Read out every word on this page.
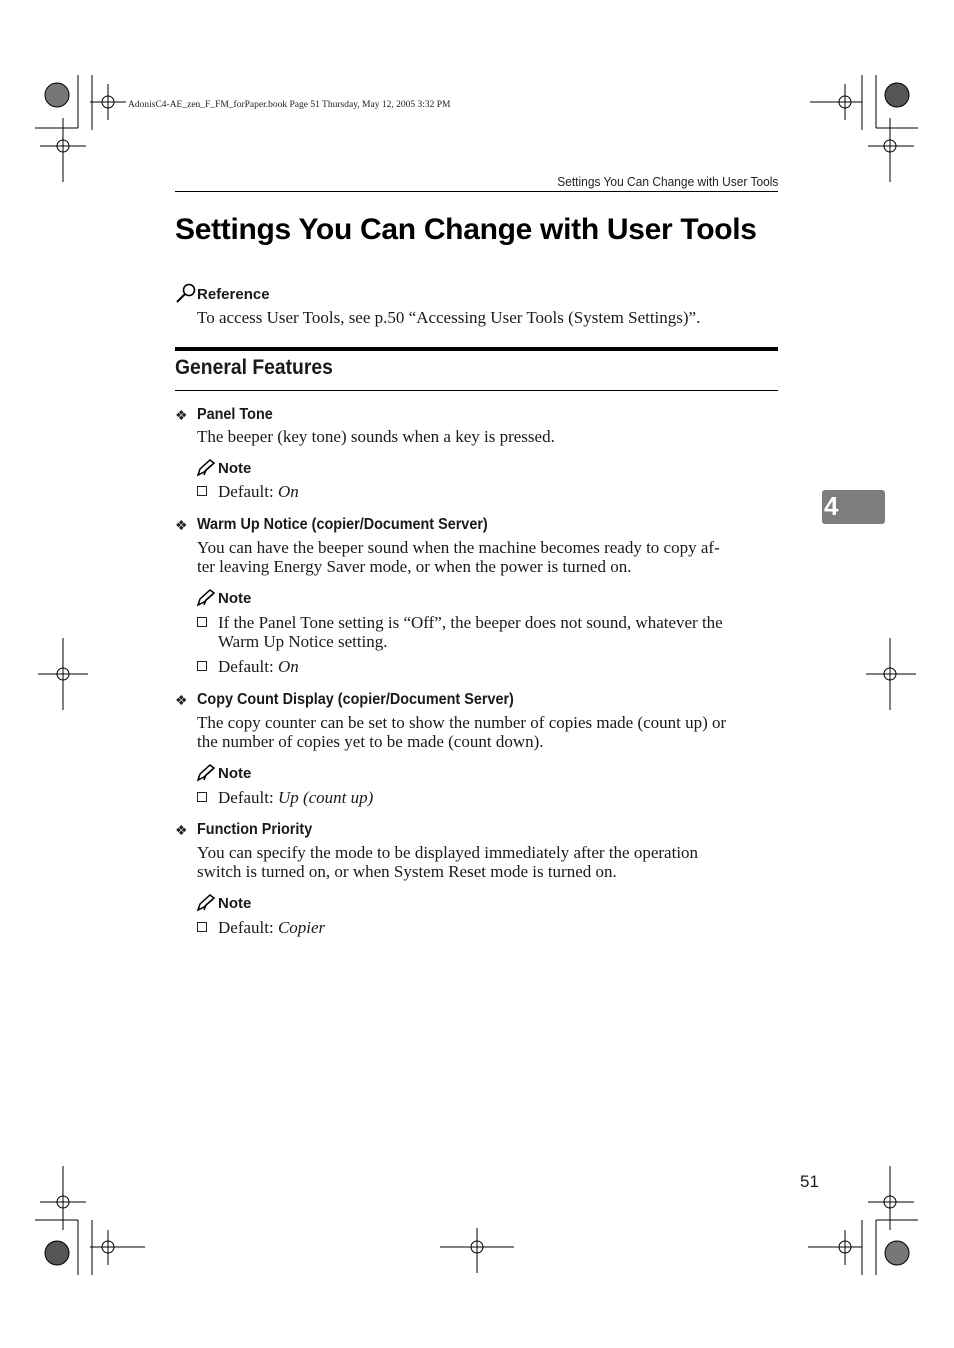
AdonisC4-AE_zen_F_FM_forPaper.book Page 51 Thursday, May 12, 2005 3:32 PM
Settings You Can Change with User Tools
Settings You Can Change with User Tools
Reference
To access User Tools, see p.50 “Accessing User Tools (System Settings)”.
General Features
❖ Panel Tone
The beeper (key tone) sounds when a key is pressed.
Note
Default: On
❖ Warm Up Notice (copier/Document Server)
You can have the beeper sound when the machine becomes ready to copy af-
ter leaving Energy Saver mode, or when the power is turned on.
Note
If the Panel Tone setting is “Off”, the beeper does not sound, whatever the
Warm Up Notice setting.
Default: On
❖ Copy Count Display (copier/Document Server)
The copy counter can be set to show the number of copies made (count up) or
the number of copies yet to be made (count down).
Note
Default: Up (count up)
❖ Function Priority
You can specify the mode to be displayed immediately after the operation
switch is turned on, or when System Reset mode is turned on.
Note
Default: Copier
4
51
